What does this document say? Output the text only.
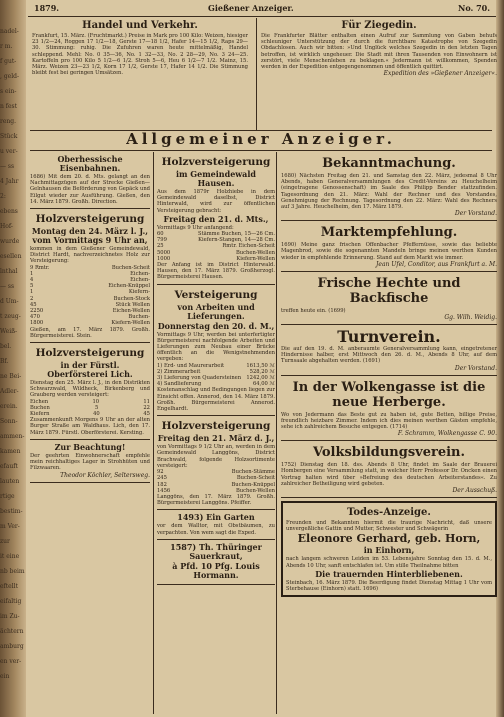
nadel-
r m.
f gut-
, geld-
s ein-
n fest
reng.
Stück
u ver-
— ss
4 Jahr
2:
ebens
Hof-
wurde
esellen
lnthal
— ss
d Um-
t zeug-
Weiß-
bel.
Bf.
ne Bei-
Adler-
erein.
Sonn-
ammen-
kamen
efauft
lauten
rtige
bestim-
m Ver-
zur
it eine
nb beim
eftellt
eifaltig
im Zu-
ächtern
amburg
en ver-
ein
1879.	Gießener Anzeiger.	No. 70.
Handel und Verkehr.
Frankfurt, 15. März. (Fruchtmarkt.) Preise in Mark pro 100 Kilo: Weizen, hiesiger 23 1/2—24, Roggen 17 1/2—18, Gerste 17—18 1/2, Hafer 14—15 1/2, Raps 29—30. Stimmung: ruhig. Die Zufuhren waren heute mittelmäßig, Handel schleppend. Mehl: No. 0 35—36, No. 1 32—33, No. 2 28—29, No. 3 24—25. Kartoffeln pro 100 Kilo 5 1/2—6 1/2. Stroh 5—6, Heu 6 1/2—7 1/2. Mainz, 15. März. Weizen 23—23 1/2, Korn 17 1/2, Gerste 17, Hafer 14 1/2. Die Stimmung bleibt fest bei geringen Umsätzen.
Für Ziegedin.
Die Frankfurter Blätter enthalten einen Aufruf zur Sammlung von Gaben behufs schleuniger Unterstützung der durch die furchtbare Katastrophe von Szegedin Obdachlosen. Auch wir bitten: »Und Unglück welches Szegedin in den letzten Tagen betroffen, ist wirklich ungeheuer. Die Stadt mit ihren Tausenden von Einwohnern ist zerstört, viele Menschenleben zu beklagen.« Jedermann ist willkommen, Spenden werden in der Expedition entgegengenommen und öffentlich quittirt.
Expedition des »Gießener Anzeiger«.
Allgemeiner Anzeiger.
Oberhessische Eisenbahnen.
1686) Mit dem 20. d. Mts. gelangt an den Nachmittagzügen auf der Strecke Gießen—Gelnhausen die Beförderung von Gepäck und Eilgut wieder zur Ausführung. Gießen, den 14. März 1879. Großh. Direction.
Holzversteigerung
Montag den 24. März l. J., vom Vormittags 9 Uhr an,
kommen in dem Gießener Gemeindewald, District Hardt, nachverzeichnetes Holz zur Versteigerung:
9 Rmtr.	Buchen-Scheit
1	Eichen-
4	Eichen-
5	Eichen-Knüppel
1	Kiefern-
2	Buchen-Stock
45	Stück Wellen
2250	Eichen-Wellen
470	Buchen-
1800	Kiefern-Wellen
Gießen, am 17. März 1879. Großh. Bürgermeisterei. Stein.
Holzversteigerung
in der Fürstl. Oberförsterei Lich.
Dienstag den 25. März l. J., in den Distrikten Schwarzwald, Wildheck, Birkenberg und Grauberg werden versteigert:
Eichen	10	11
Buchen	5	22
Kiefern	40	45
Zusammenkunft Morgens 9 Uhr an der alten Burger Straße am Waldhaus. Lich, den 17. März 1879. Fürstl. Oberförsterei. Kersting.
Zur Beachtung!
Der geehrten Einwohnerschaft empfehle mein reichhaltiges Lager in Strohhüten und Filzwaaren.
Theodor Köchler, Seltersweg.
Holzversteigerung
im Gemeindewald Hausen.
Aus dem 1879r Holzhiebe in dem Gemeindewald daselbst, District Hinterwald, wird zur öffentlichen Versteigerung gebracht:
Freitag den 21. d. Mts.,
Vormittags 9 Uhr anfangend:
60	Stämme Buchen, 15—26 Cm.
799	Kiefern-Stangen, 14—28 Cm.
25	Rmtr. Eichen-Scheit
5000	Buchen-Wellen
1000	Kiefern-Wellen
Der Anfang ist im District Hinterwald. Hausen, den 17. März 1879. Großherzogl. Bürgermeisterei Hausen.
Versteigerung
von Arbeiten und Lieferungen.
Donnerstag den 20. d. M.,
Vormittags 9 Uhr, werden bei unterfertigter Bürgermeisterei nachfolgende Arbeiten und Lieferungen zum Neubau einer Brücke öffentlich an die Wenigstnehmenden vergeben:
1) Erd- und Maurerarbeit	1613,50 ℳ
2) Zimmerarbeit	528,20 ℳ
3) Lieferung von Quadersteinen 1242,00 ℳ
4) Sandlieferung	64,00 ℳ
Kostenanschlag und Bedingungen liegen zur Einsicht offen. Annerod, den 14. März 1879. Großh. Bürgermeisterei Annerod. Engelhardt.
Holzversteigerung
Freitag den 21. März d. J.,
von Vormittags 9 1/2 Uhr an, werden in dem Gemeindewald Langgöns, District Brachwald, folgende Holzsortimente versteigert:
92	Buchen-Stämme
245	Buchen-Scheit
182	Buchen-Knüppel
1456	Buchen-Wellen
Langgöns, den 17. März 1879. Großh. Bürgermeisterei Langgöns. Pfeiffer.
1493) Ein Garten
vor dem Walltor, mit Obstbäumen, zu verpachten. Von wem sagt die Exped.
1587) Th. Thüringer Sauerkraut,
à Pfd. 10 Pfg. Louis Hormann.
Bekanntmachung.
1680) Nächsten Freitag den 21. und Samstag den 22. März, jedesmal 8 Uhr Abends, haben Generalversammlungen des Credit-Vereins zu Heuchelheim (eingetragene Genossenschaft) im Saale des Philipp Bender stattzufinden. Tagesordnung den 21. März: Wahl der Rechner und des Vorstandes, Genehmigung der Rechnung. Tagesordnung den 22. März: Wahl des Rechners auf 3 Jahre. Heuchelheim, den 17. März 1879.
Der Vorstand.
Marktempfehlung.
1690) Meine ganz frischen Offenbacher Pfeffernüsse, sowie das beliebte Magenbrod, sowie die sogenannten Mandeln bringe meinen werthen Kunden wieder in empfehlende Erinnerung. Stand auf dem Markt wie immer.
Jean Ufel, Conditor, aus Frankfurt a. M.
Frische Hechte und Backfische
treffen heute ein. (1699)
Gg. Wilh. Weidig.
Turnverein.
Die auf den 19. d. M. anberaumte Generalversammlung kann, eingetretener Hindernisse halber, erst Mittwoch den 26. d. M., Abends 8 Uhr, auf dem Turnsaale abgehalten werden. (1691)
Der Vorstand.
In der Wolkengasse ist die neue Herberge.
Wo von Jedermann das Beste gut zu haben ist, gute Betten, billige Preise, freundlich heizbare Zimmer. Indem ich dies meinen werthen Gästen empfehle, sehe ich zahlreichem Besuche entgegen. (1714)
F. Schramm, Wolkengasse C. 90.
Volksbildungsverein.
1752) Dienstag den 18. dss. Abends 8 Uhr, findet im Saale der Brauerei Hombergen eine Versammlung statt, in welcher Herr Professor Dr. Oncken einen Vortrag halten wird über »Befreiung des deutschen Arbeiterstandes«. Zu zahlreicher Betheiligung wird gebeten.
Der Ausschuß.
Todes-Anzeige.
Freunden und Bekannten hiermit die traurige Nachricht, daß unsere unvergeßliche Gattin und Mutter, Schwester und Schwägerin
Eleonore Gerhard, geb. Horn,
in Einhorn,
nach langem schweren Leiden im 53. Lebensjahre Sonntag den 15. d. M., Abends 10 Uhr, sanft entschlafen ist. Um stille Theilnahme bitten
Die trauernden Hinterbliebenen.
Steinbach, 16. März 1879. Die Beerdigung findet Dienstag Mittag 1 Uhr vom Sterbehause (Einhorn) statt. 1696)
